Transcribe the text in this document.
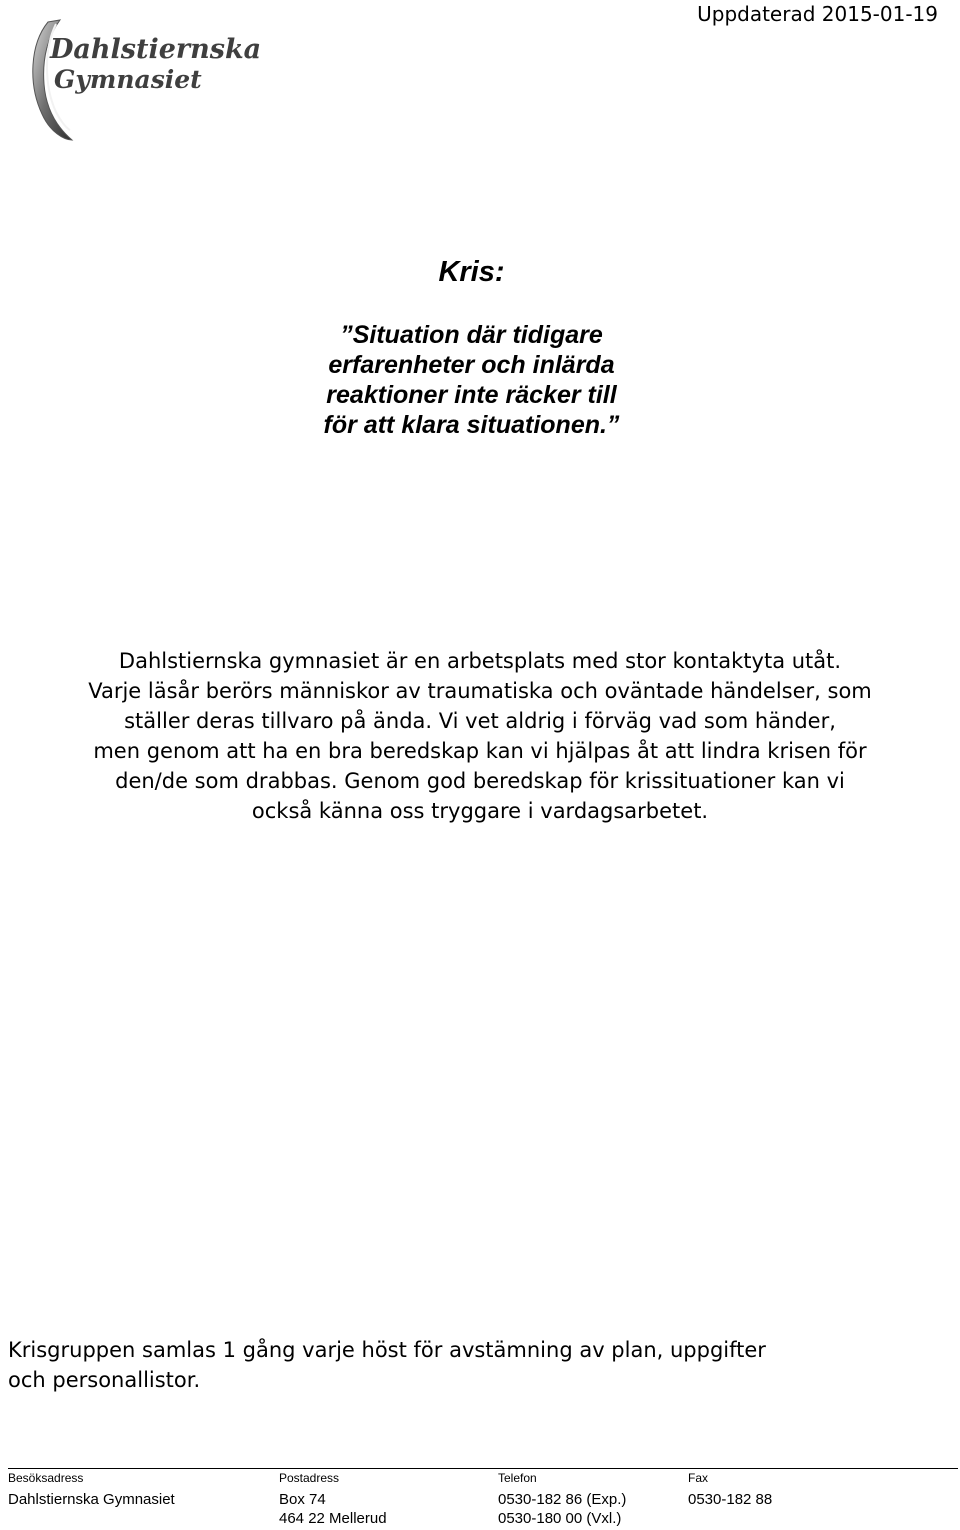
Uppdaterad 2015-01-19

Dahlstiernska
Gymnasiet
Kris:

”Situation där tidigare
erfarenheter och inlärda
reaktioner inte räcker till
för att klara situationen.”

Dahlstiernska gymnasiet är en arbetsplats med stor kontaktyta utåt.
Varje läsår berörs människor av traumatiska och oväntade händelser, som
ställer deras tillvaro på ända. Vi vet aldrig i förväg vad som händer,
men genom att ha en bra beredskap kan vi hjälpas åt att lindra krisen för
den/de som drabbas. Genom god beredskap för krissituationer kan vi
också känna oss tryggare i vardagsarbetet.

Krisgruppen samlas 1 gång varje höst för avstämning av plan, uppgifter
och personallistor.

Besöksadress
Dahlstiernska Gymnasiet
Postadress
Box 74
464 22 Mellerud
Telefon
0530-182 86 (Exp.)
0530-180 00 (Vxl.)
Fax
0530-182 88
